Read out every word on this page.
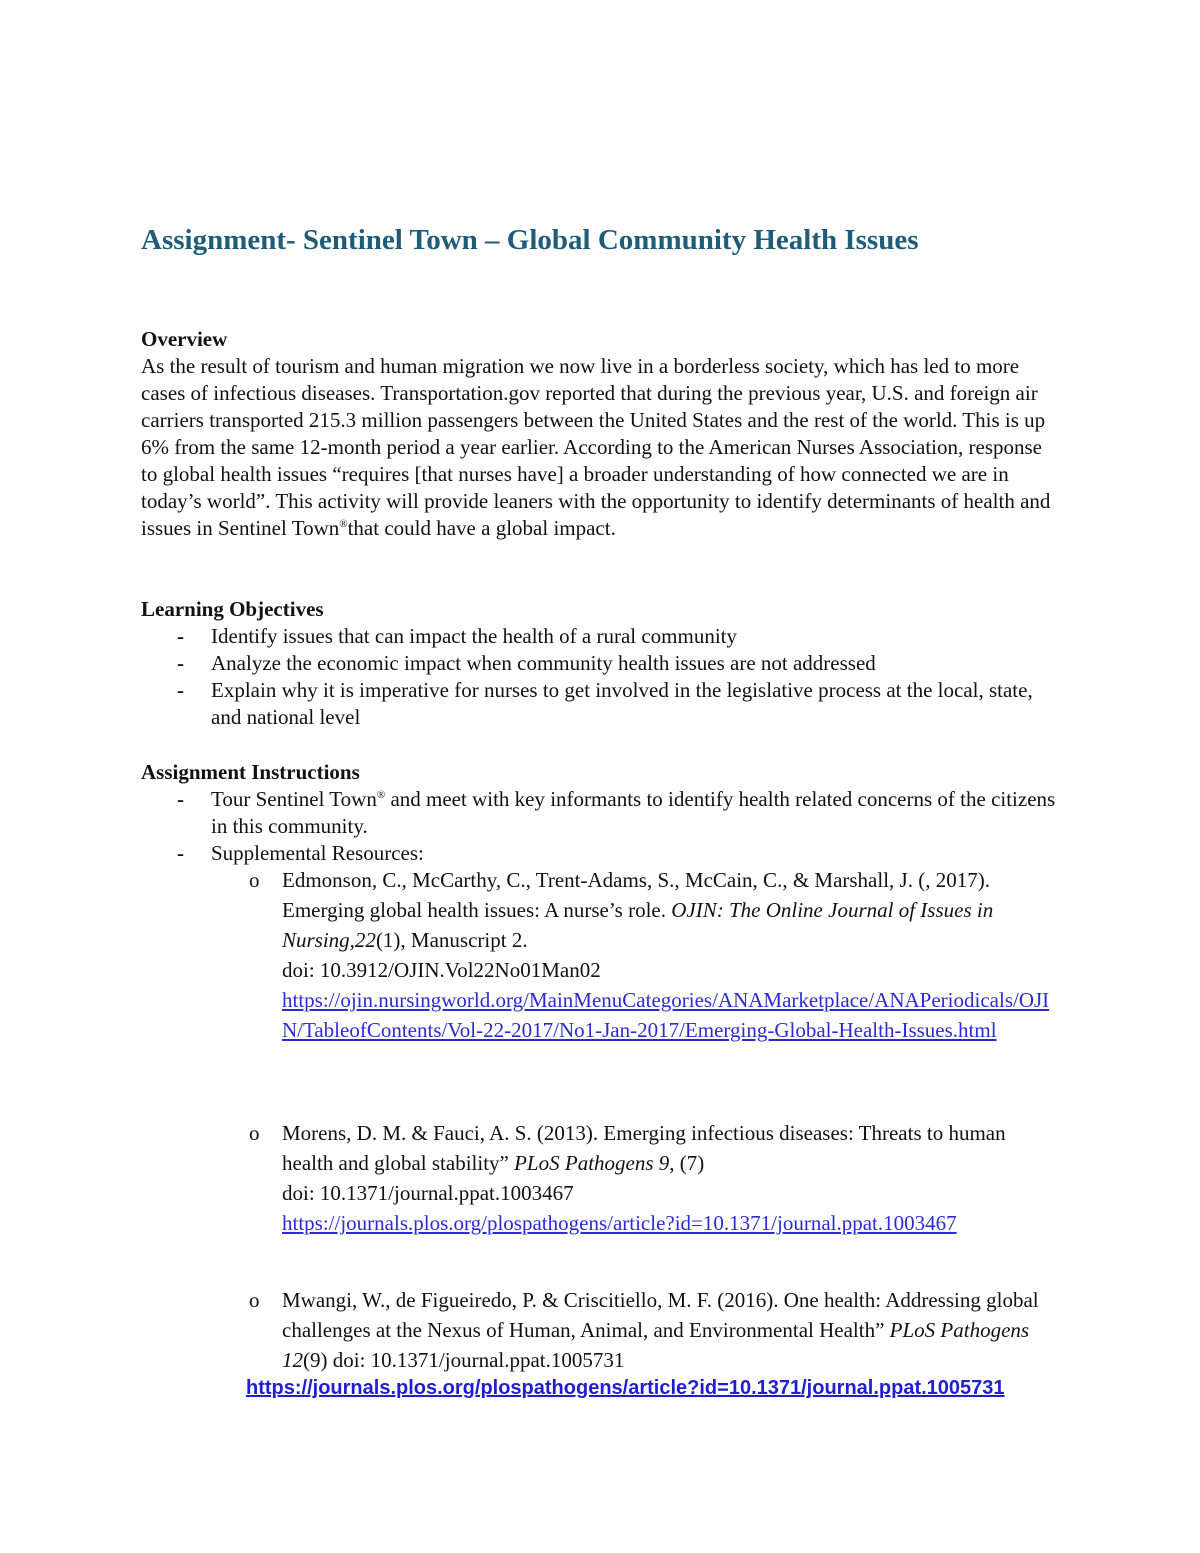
Assignment- Sentinel Town – Global Community Health Issues

Overview

As the result of tourism and human migration we now live in a borderless society, which has led to more cases of infectious diseases. Transportation.gov reported that during the previous year, U.S. and foreign air carriers transported 215.3 million passengers between the United States and the rest of the world. This is up 6% from the same 12-month period a year earlier. According to the American Nurses Association, response to global health issues “requires [that nurses have] a broader understanding of how connected we are in today’s world”. This activity will provide leaners with the opportunity to identify determinants of health and issues in Sentinel Town®that could have a global impact.

Learning Objectives

- Identify issues that can impact the health of a rural community
- Analyze the economic impact when community health issues are not addressed
- Explain why it is imperative for nurses to get involved in the legislative process at the local, state, and national level

Assignment Instructions

- Tour Sentinel Town® and meet with key informants to identify health related concerns of the citizens in this community.
- Supplemental Resources:
o Edmonson, C., McCarthy, C., Trent-Adams, S., McCain, C., & Marshall, J. (, 2017). Emerging global health issues: A nurse’s role. OJIN: The Online Journal of Issues in Nursing,22(1), Manuscript 2.
doi: 10.3912/OJIN.Vol22No01Man02
https://ojin.nursingworld.org/MainMenuCategories/ANAMarketplace/ANAPeriodicals/OJIN/TableofContents/Vol-22-2017/No1-Jan-2017/Emerging-Global-Health-Issues.html
o Morens, D. M. & Fauci, A. S. (2013). Emerging infectious diseases: Threats to human health and global stability” PLoS Pathogens 9, (7)
doi: 10.1371/journal.ppat.1003467
https://journals.plos.org/plospathogens/article?id=10.1371/journal.ppat.1003467
o Mwangi, W., de Figueiredo, P. & Criscitiello, M. F. (2016). One health: Addressing global challenges at the Nexus of Human, Animal, and Environmental Health” PLoS Pathogens 12(9) doi: 10.1371/journal.ppat.1005731
https://journals.plos.org/plospathogens/article?id=10.1371/journal.ppat.1005731
